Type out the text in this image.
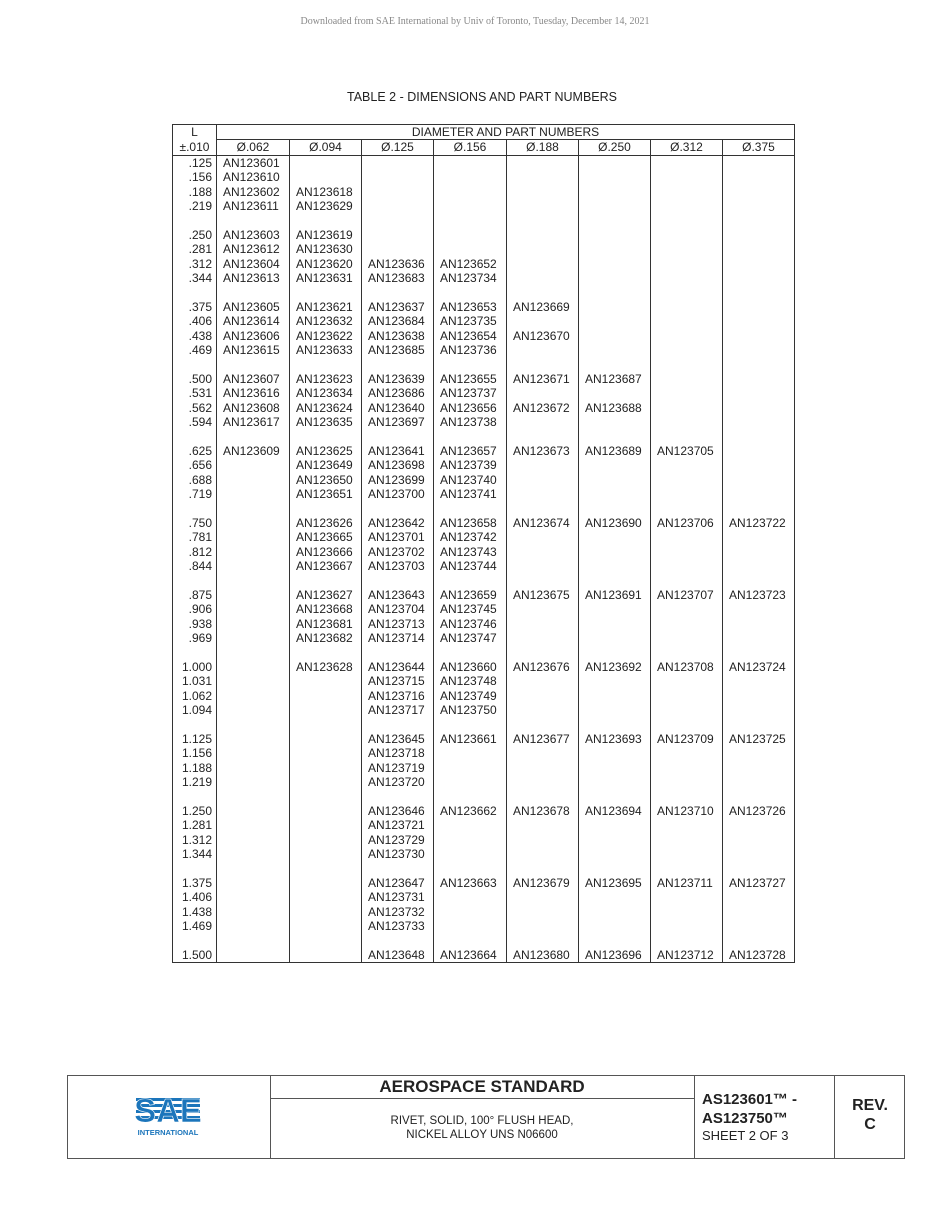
Downloaded from SAE International by Univ of Toronto, Tuesday, December 14, 2021
TABLE 2 - DIMENSIONS AND PART NUMBERS
L	DIAMETER AND PART NUMBERS							
±.010	Ø.062	Ø.094	Ø.125	Ø.156	Ø.188	Ø.250	Ø.312	Ø.375
.125	AN123601							
.156	AN123610							
.188	AN123602	AN123618						
.219	AN123611	AN123629						

.250	AN123603	AN123619						
.281	AN123612	AN123630						
.312	AN123604	AN123620	AN123636	AN123652				
.344	AN123613	AN123631	AN123683	AN123734				

.375	AN123605	AN123621	AN123637	AN123653	AN123669			
.406	AN123614	AN123632	AN123684	AN123735				
.438	AN123606	AN123622	AN123638	AN123654	AN123670			
.469	AN123615	AN123633	AN123685	AN123736				

.500	AN123607	AN123623	AN123639	AN123655	AN123671	AN123687		
.531	AN123616	AN123634	AN123686	AN123737				
.562	AN123608	AN123624	AN123640	AN123656	AN123672	AN123688		
.594	AN123617	AN123635	AN123697	AN123738				

.625	AN123609	AN123625	AN123641	AN123657	AN123673	AN123689	AN123705	
.656		AN123649	AN123698	AN123739				
.688		AN123650	AN123699	AN123740				
.719		AN123651	AN123700	AN123741				

.750		AN123626	AN123642	AN123658	AN123674	AN123690	AN123706	AN123722
.781		AN123665	AN123701	AN123742				
.812		AN123666	AN123702	AN123743				
.844		AN123667	AN123703	AN123744				

.875		AN123627	AN123643	AN123659	AN123675	AN123691	AN123707	AN123723
.906		AN123668	AN123704	AN123745				
.938		AN123681	AN123713	AN123746				
.969		AN123682	AN123714	AN123747				

1.000		AN123628	AN123644	AN123660	AN123676	AN123692	AN123708	AN123724
1.031			AN123715	AN123748				
1.062			AN123716	AN123749				
1.094			AN123717	AN123750				

1.125			AN123645	AN123661	AN123677	AN123693	AN123709	AN123725
1.156			AN123718					
1.188			AN123719					
1.219			AN123720					

1.250			AN123646	AN123662	AN123678	AN123694	AN123710	AN123726
1.281			AN123721					
1.312			AN123729					
1.344			AN123730					

1.375			AN123647	AN123663	AN123679	AN123695	AN123711	AN123727
1.406			AN123731					
1.438			AN123732					
1.469			AN123733					

1.500			AN123648	AN123664	AN123680	AN123696	AN123712	AN123728
SAE
INTERNATIONAL
AEROSPACE STANDARD
RIVET, SOLID, 100° FLUSH HEAD,
NICKEL ALLOY UNS N06600
AS123601™ -
AS123750™
SHEET 2 OF 3
REV.
C
